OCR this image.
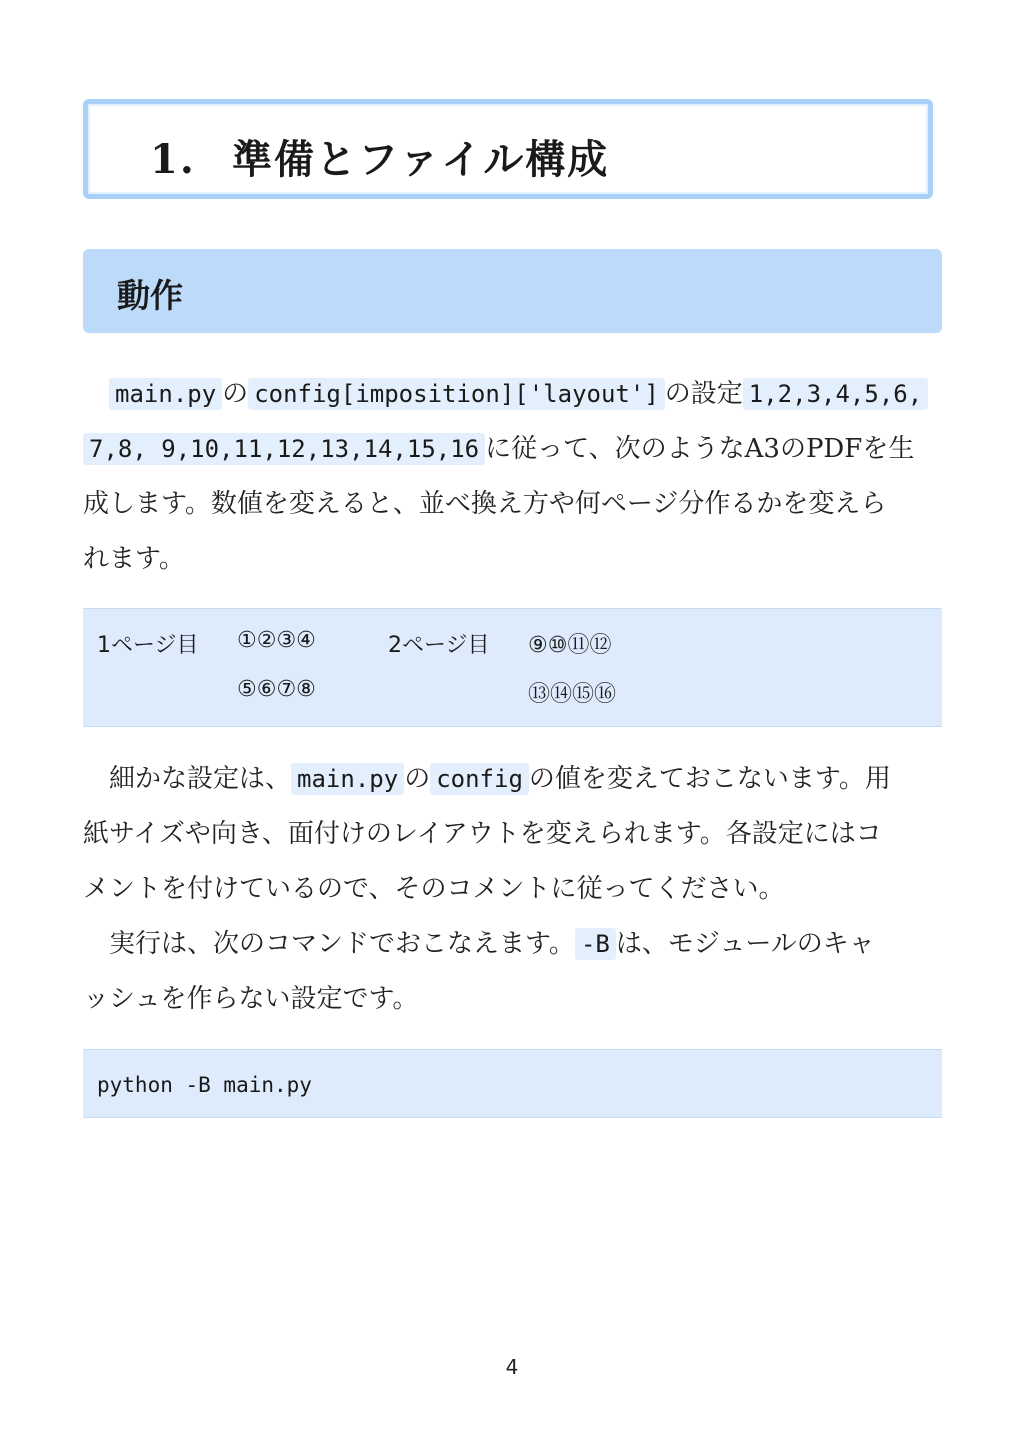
1. 準備とファイル構成
動作
　main.py の config[imposition]['layout'] の設定 1,2,3,4,5,6,
7,8, 9,10,11,12,13,14,15,16 に従って、次のようなA3のPDFを生
成します。数値を変えると、並べ換え方や何ページ分作るかを変えら
れます。
1ページ目 ①②③④
⑤⑥⑦⑧
2ページ目 ⑨⑩⑪⑫
⑬⑭⑮⑯
　細かな設定は、 main.py の config の値を変えておこないます。用
紙サイズや向き、面付けのレイアウトを変えられます。各設定にはコ
メントを付けているので、そのコメントに従ってください。
　実行は、次のコマンドでおこなえます。 -B は、モジュールのキャ
ッシュを作らない設定です。
python -B main.py
4
